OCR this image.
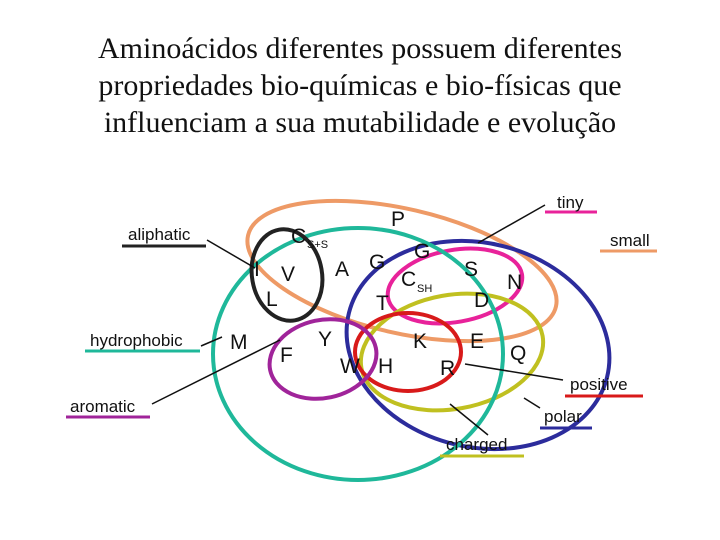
Aminoácidos diferentes possuem diferentes
propriedades bio-químicas e bio-físicas que
influenciam a sua mutabilidade e evolução
tiny
small
aliphatic
hydrophobic
aromatic
positive
polar
charged
P
C S+S
I V
L
A G G
C SH
S
N
D
T
M
F
Y
W H
K
R
E
Q
